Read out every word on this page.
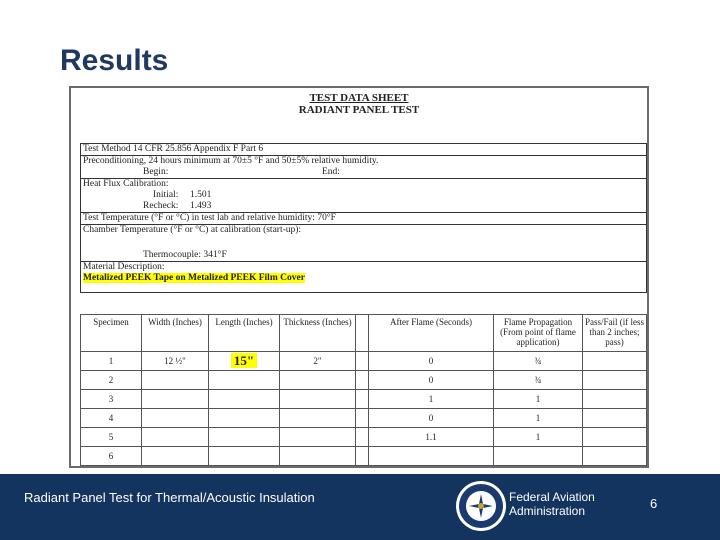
Results
TEST DATA SHEET
RADIANT PANEL TEST
Test Method 14 CFR 25.856 Appendix F Part 6
Preconditioning, 24 hours minimum at 70±5 °F and 50±5% relative humidity.
Begin:	End:
Heat Flux Calibration:
Initial: 1.501
Recheck: 1.493
Test Temperature (°F or °C) in test lab and relative humidity: 70°F
Chamber Temperature (°F or °C) at calibration (start-up):
Thermocouple: 341°F
Material Description:
Metalized PEEK Tape on Metalized PEEK Film Cover
Specimen	Width (Inches)	Length (Inches)	Thickness (Inches)		After Flame (Seconds)	Flame Propagation (From point of flame application)	Pass/Fail (if less than 2 inches; pass)
1	12 ½"	15"	2"		0	¾	
2					0	¾	
3					1	1	
4					0	1	
5					1.1	1	
6							
Radiant Panel Test for Thermal/Acoustic Insulation	Federal Aviation
Administration	6
